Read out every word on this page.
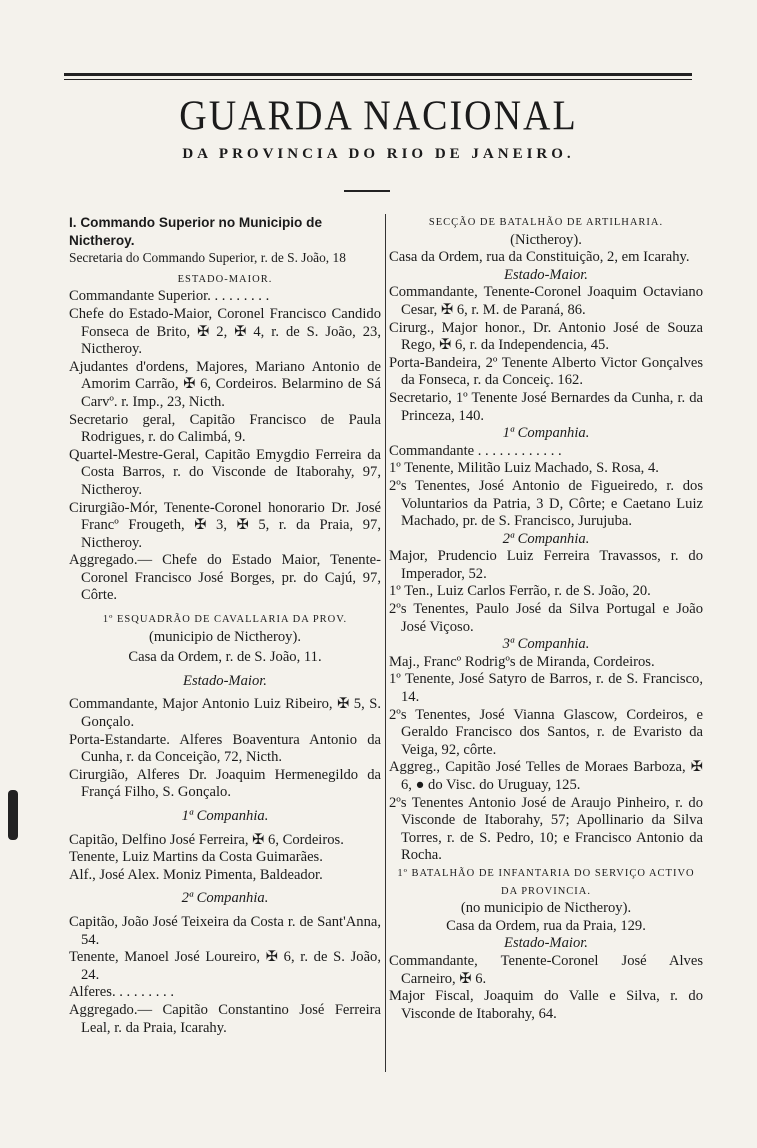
GUARDA NACIONAL
DA PROVINCIA DO RIO DE JANEIRO.

I. Commando Superior no Municipio de Nictheroy.

Secretaria do Commando Superior, r. de S. João, 18

ESTADO-MAIOR.

Commandante Superior. . . . . . . . .

Chefe do Estado-Maior, Coronel Francisco Candido Fonseca de Brito, ✠ 2, ✠ 4, r. de S. João, 23, Nictheroy.

Ajudantes d'ordens, Majores, Mariano Antonio de Amorim Carrão, ✠ 6, Cordeiros. Belarmino de Sá Carvº. r. Imp., 23, Nicth.

Secretario geral, Capitão Francisco de Paula Rodrigues, r. do Calimbá, 9.

Quartel-Mestre-Geral, Capitão Emygdio Ferreira da Costa Barros, r. do Visconde de Itaborahy, 97, Nictheroy.

Cirurgião-Mór, Tenente-Coronel honorario Dr. José Francº Frougeth, ✠ 3, ✠ 5, r. da Praia, 97, Nictheroy.

Aggregado.— Chefe do Estado Maior, Tenente-Coronel Francisco José Borges, pr. do Cajú, 97, Côrte.

1º ESQUADRÃO DE CAVALLARIA DA PROV.

(municipio de Nictheroy).

Casa da Ordem, r. de S. João, 11.

Estado-Maior.

Commandante, Major Antonio Luiz Ribeiro, ✠ 5, S. Gonçalo.

Porta-Estandarte. Alferes Boaventura Antonio da Cunha, r. da Conceição, 72, Nicth.

Cirurgião, Alferes Dr. Joaquim Hermenegildo da Françá Filho, S. Gonçalo.

1ª Companhia.

Capitão, Delfino José Ferreira, ✠ 6, Cordeiros.

Tenente, Luiz Martins da Costa Guimarães.

Alf., José Alex. Moniz Pimenta, Baldeador.

2ª Companhia.

Capitão, João José Teixeira da Costa r. de Sant'Anna, 54.

Tenente, Manoel José Loureiro, ✠ 6, r. de S. João, 24.

Alferes. . . . . . . . .

Aggregado.— Capitão Constantino José Ferreira Leal, r. da Praia, Icarahy.

SECÇÃO DE BATALHÃO DE ARTILHARIA.

(Nictheroy).

Casa da Ordem, rua da Constituição, 2, em Icarahy.

Estado-Maior.

Commandante, Tenente-Coronel Joaquim Octaviano Cesar, ✠ 6, r. M. de Paraná, 86.

Cirurg., Major honor., Dr. Antonio José de Souza Rego, ✠ 6, r. da Independencia, 45.

Porta-Bandeira, 2º Tenente Alberto Victor Gonçalves da Fonseca, r. da Conceiç. 162.

Secretario, 1º Tenente José Bernardes da Cunha, r. da Princeza, 140.

1ª Companhia.

Commandante . . . . . . . . . . . .

1º Tenente, Militão Luiz Machado, S. Rosa, 4.

2ºs Tenentes, José Antonio de Figueiredo, r. dos Voluntarios da Patria, 3 D, Côrte; e Caetano Luiz Machado, pr. de S. Francisco, Jurujuba.

2ª Companhia.

Major, Prudencio Luiz Ferreira Travassos, r. do Imperador, 52.

1º Ten., Luiz Carlos Ferrão, r. de S. João, 20.

2ºs Tenentes, Paulo José da Silva Portugal e João José Viçoso.

3ª Companhia.

Maj., Francº Rodrigºs de Miranda, Cordeiros.

1º Tenente, José Satyro de Barros, r. de S. Francisco, 14.

2ºs Tenentes, José Vianna Glascow, Cordeiros, e Geraldo Francisco dos Santos, r. de Evaristo da Veiga, 92, côrte.

Aggreg., Capitão José Telles de Moraes Barboza, ✠ 6, ● do Visc. do Uruguay, 125.

2ºs Tenentes Antonio José de Araujo Pinheiro, r. do Visconde de Itaborahy, 57; Apollinario da Silva Torres, r. de S. Pedro, 10; e Francisco Antonio da Rocha.

1º BATALHÃO DE INFANTARIA DO SERVIÇO ACTIVO DA PROVINCIA.

(no municipio de Nictheroy).

Casa da Ordem, rua da Praia, 129.

Estado-Maior.

Commandante, Tenente-Coronel José Alves Carneiro, ✠ 6.

Major Fiscal, Joaquim do Valle e Silva, r. do Visconde de Itaborahy, 64.
